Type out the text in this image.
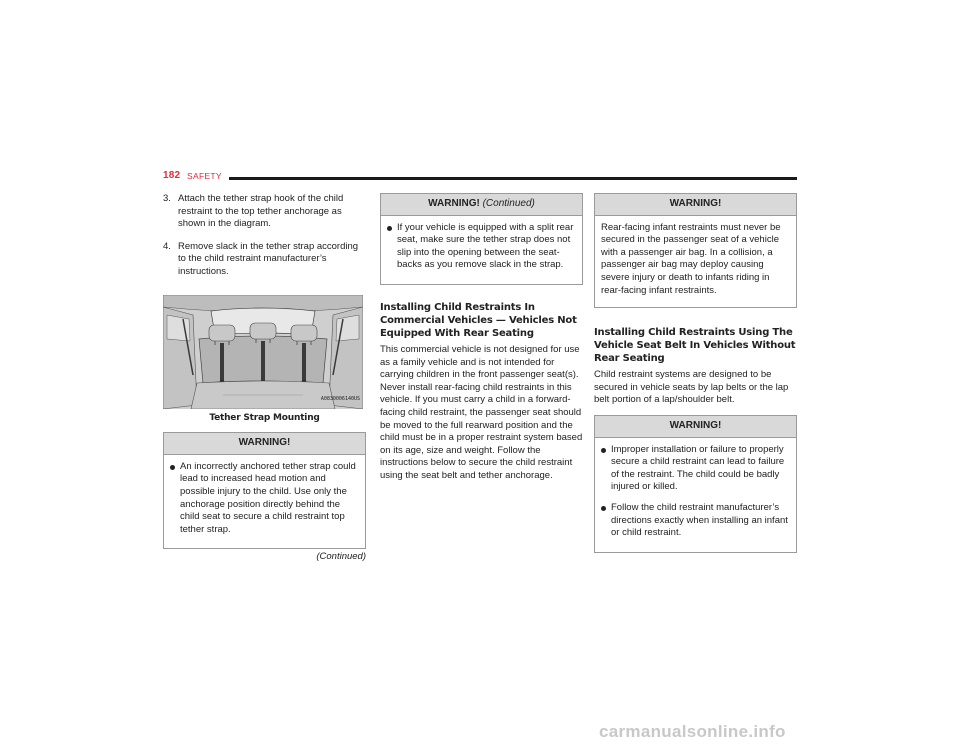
182 SAFETY
3. Attach the tether strap hook of the child restraint to the top tether anchorage as shown in the diagram.
4. Remove slack in the tether strap according to the child restraint manufacturer’s instructions.
A0830006140US
Tether Strap Mounting
WARNING!
An incorrectly anchored tether strap could lead to increased head motion and possible injury to the child. Use only the anchorage position directly behind the child seat to secure a child restraint top tether strap.
(Continued)
WARNING! (Continued)
If your vehicle is equipped with a split rear seat, make sure the tether strap does not slip into the opening between the seat-backs as you remove slack in the strap.
Installing Child Restraints In Commercial Vehicles — Vehicles Not Equipped With Rear Seating

This commercial vehicle is not designed for use as a family vehicle and is not intended for carrying children in the front passenger seat(s). Never install rear-facing child restraints in this vehicle. If you must carry a child in a forward-facing child restraint, the passenger seat should be moved to the full rearward position and the child must be in a proper restraint system based on its age, size and weight. Follow the instructions below to secure the child restraint using the seat belt and tether anchorage.

WARNING!

Rear-facing infant restraints must never be secured in the passenger seat of a vehicle with a passenger air bag. In a collision, a passenger air bag may deploy causing severe injury or death to infants riding in rear-facing infant restraints.

Installing Child Restraints Using The Vehicle Seat Belt In Vehicles Without Rear Seating

Child restraint systems are designed to be secured in vehicle seats by lap belts or the lap belt portion of a lap/shoulder belt.

WARNING!
Improper installation or failure to properly secure a child restraint can lead to failure of the restraint. The child could be badly injured or killed.
Follow the child restraint manufacturer’s directions exactly when installing an infant or child restraint.
carmanualsonline.info
